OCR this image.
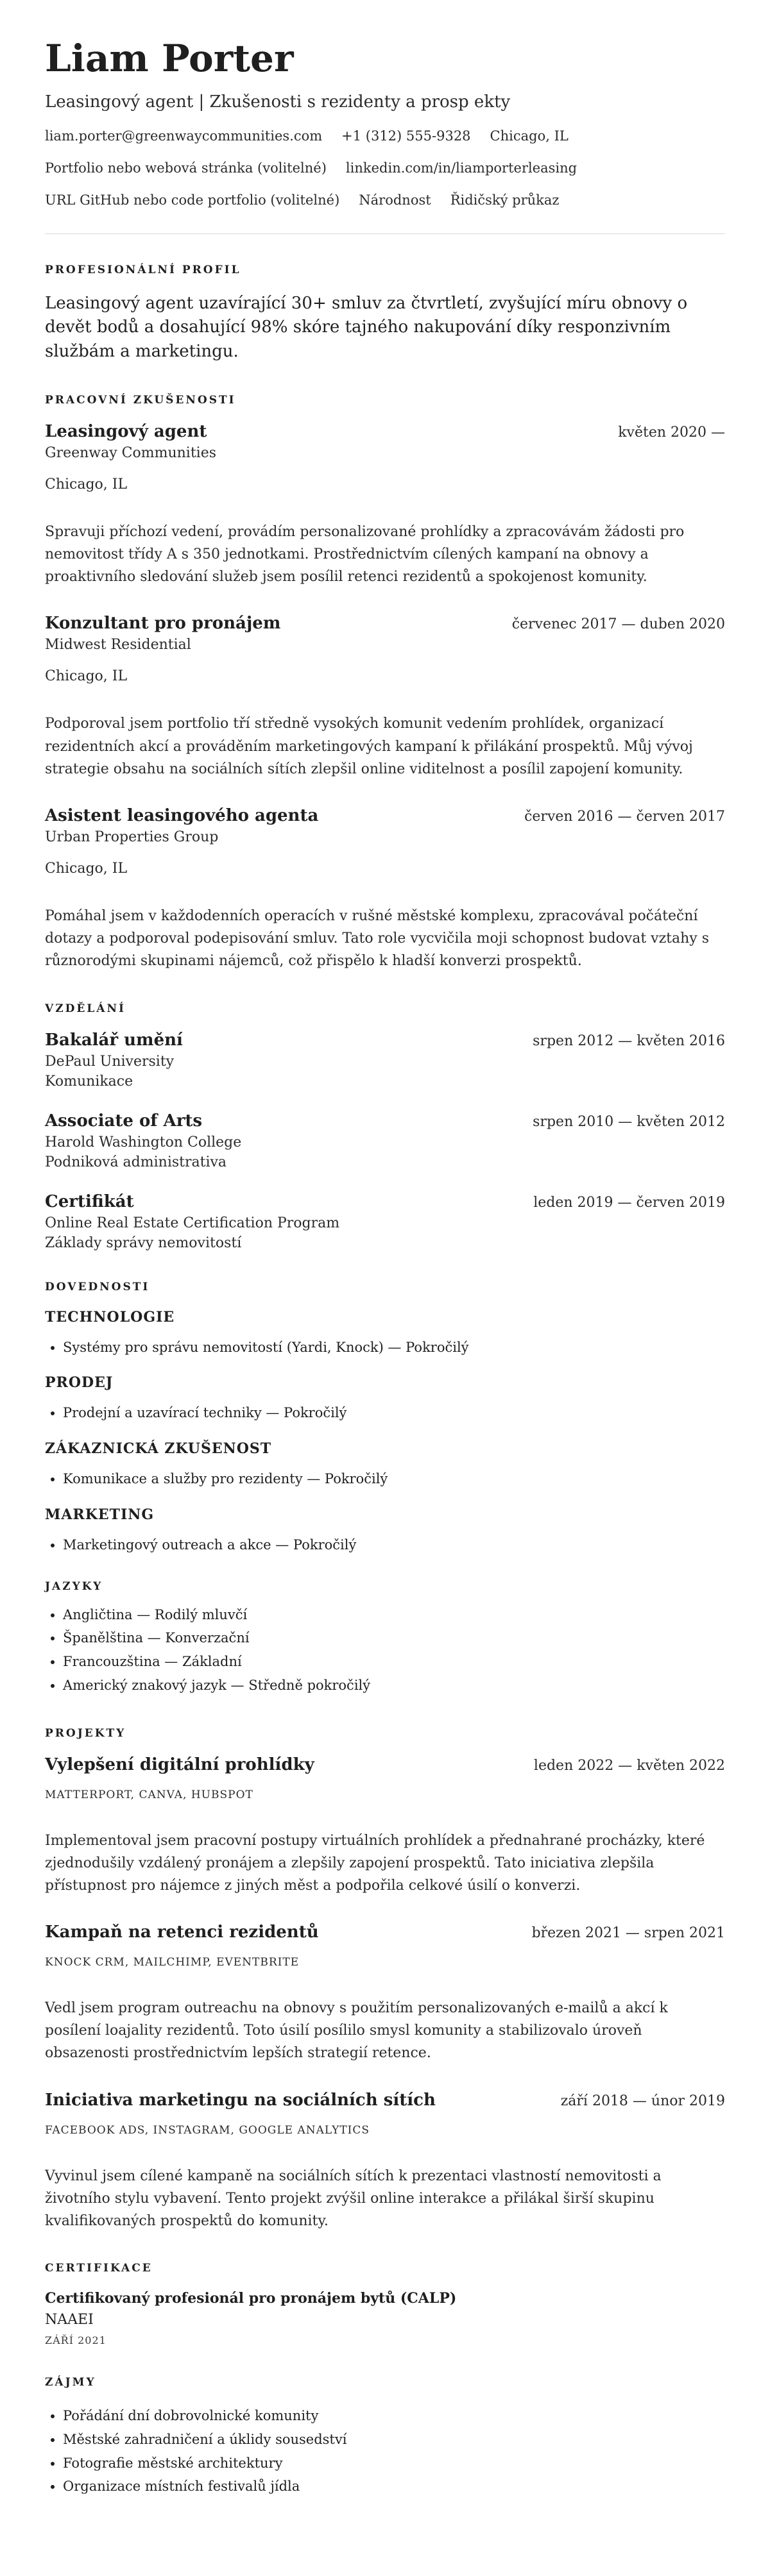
Liam Porter
Leasingový agent | Zkušenosti s rezidenty a prosp ekty
liam.porter@greenwaycommunities.com +1 (312) 555-9328 Chicago, IL
Portfolio nebo webová stránka (volitelné) linkedin.com/in/liamporterleasing
URL GitHub nebo code portfolio (volitelné) Národnost Řidičský průkaz
PROFESIONÁLNÍ PROFIL
Leasingový agent uzavírající 30+ smluv za čtvrtletí, zvyšující míru obnovy o devět bodů a dosahující 98% skóre tajného nakupování díky responzivním službám a marketingu.
PRACOVNÍ ZKUŠENOSTI
Leasingový agent	květen 2020 —
Greenway Communities
Chicago, IL
Spravuji příchozí vedení, provádím personalizované prohlídky a zpracovávám žádosti pro nemovitost třídy A s 350 jednotkami. Prostřednictvím cílených kampaní na obnovy a proaktivního sledování služeb jsem posílil retenci rezidentů a spokojenost komunity.
Konzultant pro pronájem	červenec 2017 — duben 2020
Midwest Residential
Chicago, IL
Podporoval jsem portfolio tří středně vysokých komunit vedením prohlídek, organizací rezidentních akcí a prováděním marketingových kampaní k přilákání prospektů. Můj vývoj strategie obsahu na sociálních sítích zlepšil online viditelnost a posílil zapojení komunity.
Asistent leasingového agenta	červen 2016 — červen 2017
Urban Properties Group
Chicago, IL
Pomáhal jsem v každodenních operacích v rušné městské komplexu, zpracovával počáteční dotazy a podporoval podepisování smluv. Tato role vycvičila moji schopnost budovat vztahy s různorodými skupinami nájemců, což přispělo k hladší konverzi prospektů.
VZDĚLÁNÍ
Bakalář umění	srpen 2012 — květen 2016
DePaul University
Komunikace
Associate of Arts	srpen 2010 — květen 2012
Harold Washington College
Podniková administrativa
Certifikát	leden 2019 — červen 2019
Online Real Estate Certification Program
Základy správy nemovitostí
DOVEDNOSTI
TECHNOLOGIE
• Systémy pro správu nemovitostí (Yardi, Knock) — Pokročilý
PRODEJ
• Prodejní a uzavírací techniky — Pokročilý
ZÁKAZNICKÁ ZKUŠENOST
• Komunikace a služby pro rezidenty — Pokročilý
MARKETING
• Marketingový outreach a akce — Pokročilý
JAZYKY
• Angličtina — Rodilý mluvčí
• Španělština — Konverzační
• Francouzština — Základní
• Americký znakový jazyk — Středně pokročilý
PROJEKTY
Vylepšení digitální prohlídky	leden 2022 — květen 2022
MATTERPORT, CANVA, HUBSPOT
Implementoval jsem pracovní postupy virtuálních prohlídek a přednahrané procházky, které zjednodušily vzdálený pronájem a zlepšily zapojení prospektů. Tato iniciativa zlepšila přístupnost pro nájemce z jiných měst a podpořila celkové úsilí o konverzi.
Kampaň na retenci rezidentů	březen 2021 — srpen 2021
KNOCK CRM, MAILCHIMP, EVENTBRITE
Vedl jsem program outreachu na obnovy s použitím personalizovaných e-mailů a akcí k posílení loajality rezidentů. Toto úsilí posílilo smysl komunity a stabilizovalo úroveň obsazenosti prostřednictvím lepších strategií retence.
Iniciativa marketingu na sociálních sítích	září 2018 — únor 2019
FACEBOOK ADS, INSTAGRAM, GOOGLE ANALYTICS
Vyvinul jsem cílené kampaně na sociálních sítích k prezentaci vlastností nemovitosti a životního stylu vybavení. Tento projekt zvýšil online interakce a přilákal širší skupinu kvalifikovaných prospektů do komunity.
CERTIFIKACE
Certifikovaný profesionál pro pronájem bytů (CALP)
NAAEI
ZÁŘÍ 2021
ZÁJMY
• Pořádání dní dobrovolnické komunity
• Městské zahradničení a úklidy sousedství
• Fotografie městské architektury
• Organizace místních festivalů jídla
